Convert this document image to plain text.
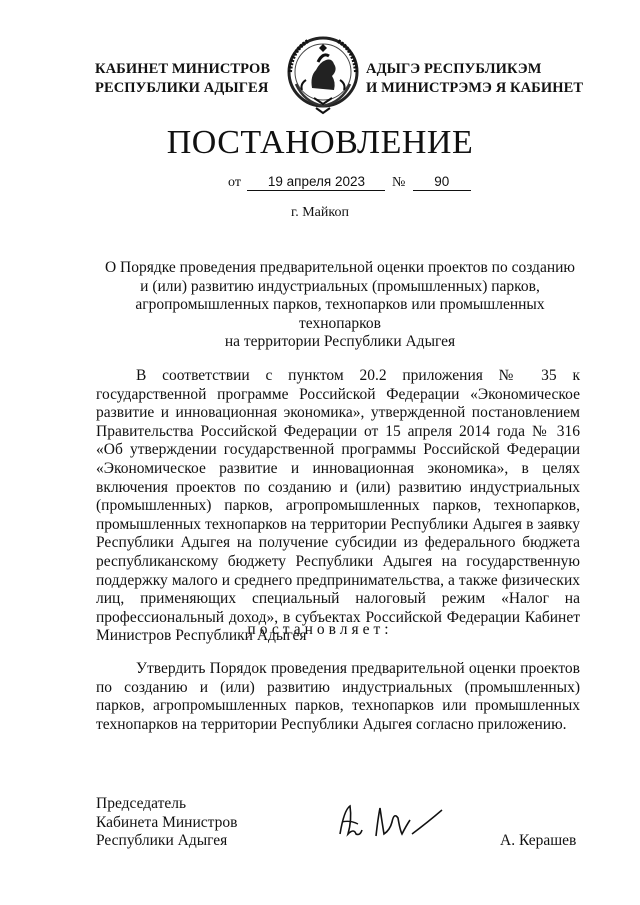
КАБИНЕТ МИНИСТРОВ
РЕСПУБЛИКИ АДЫГЕЯ
АДЫГЭ РЕСПУБЛИКЭМ
И МИНИСТРЭМЭ Я КАБИНЕТ
ПОСТАНОВЛЕНИЕ
от 19 апреля 2023 № 90
г. Майкоп
О Порядке проведения предварительной оценки проектов по созданию
и (или) развитию индустриальных (промышленных) парков,
агропромышленных парков, технопарков или промышленных технопарков
на территории Республики Адыгея

В соответствии с пунктом 20.2 приложения № 35 к государственной программе Российской Федерации «Экономическое развитие и инновационная экономика», утвержденной постановлением Правительства Российской Федерации от 15 апреля 2014 года № 316 «Об утверждении государственной программы Российской Федерации «Экономическое развитие и инновационная экономика», в целях включения проектов по созданию и (или) развитию индустриальных (промышленных) парков, агропромышленных парков, технопарков, промышленных технопарков на территории Республики Адыгея в заявку Республики Адыгея на получение субсидии из федерального бюджета республиканскому бюджету Республики Адыгея на государственную поддержку малого и среднего предпринимательства, а также физических лиц, применяющих специальный налоговый режим «Налог на профессиональный доход», в субъектах Российской Федерации Кабинет Министров Республики Адыгея

постановляет:

Утвердить Порядок проведения предварительной оценки проектов по созданию и (или) развитию индустриальных (промышленных) парков, агропромышленных парков, технопарков или промышленных технопарков на территории Республики Адыгея согласно приложению.

Председатель
Кабинета Министров
Республики Адыгея	А. Керашев
